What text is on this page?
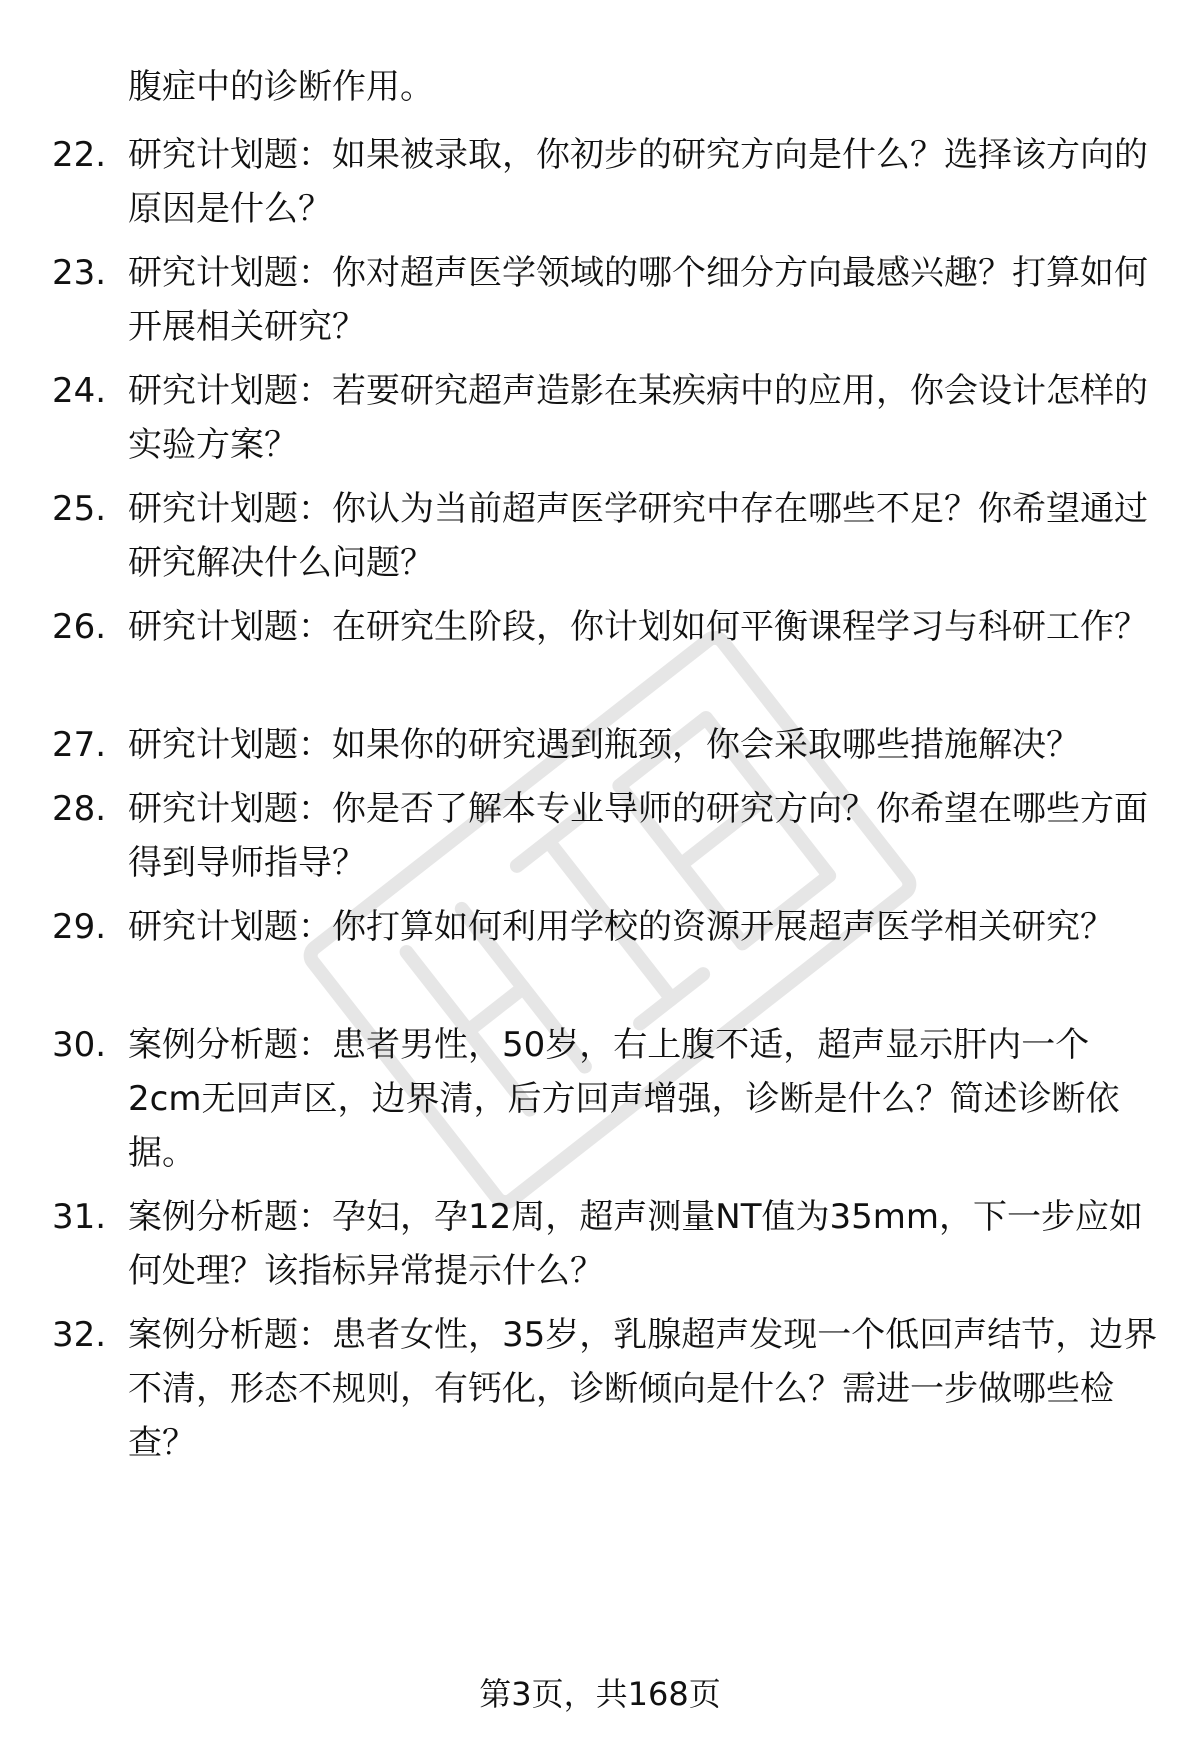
腹症中的诊断作用。
22. 研究计划题：如果被录取，你初步的研究方向是什么？选择该方向的原因是什么？
23. 研究计划题：你对超声医学领域的哪个细分方向最感兴趣？打算如何开展相关研究？
24. 研究计划题：若要研究超声造影在某疾病中的应用，你会设计怎样的实验方案？
25. 研究计划题：你认为当前超声医学研究中存在哪些不足？你希望通过研究解决什么问题？
26. 研究计划题：在研究生阶段，你计划如何平衡课程学习与科研工作？
27. 研究计划题：如果你的研究遇到瓶颈，你会采取哪些措施解决？
28. 研究计划题：你是否了解本专业导师的研究方向？你希望在哪些方面得到导师指导？
29. 研究计划题：你打算如何利用学校的资源开展超声医学相关研究？
30. 案例分析题：患者男性，50岁，右上腹不适，超声显示肝内一个2cm无回声区，边界清，后方回声增强，诊断是什么？简述诊断依据。
31. 案例分析题：孕妇，孕12周，超声测量NT值为35mm，下一步应如何处理？该指标异常提示什么？
32. 案例分析题：患者女性，35岁，乳腺超声发现一个低回声结节，边界不清，形态不规则，有钙化，诊断倾向是什么？需进一步做哪些检查？
第3页，共168页
